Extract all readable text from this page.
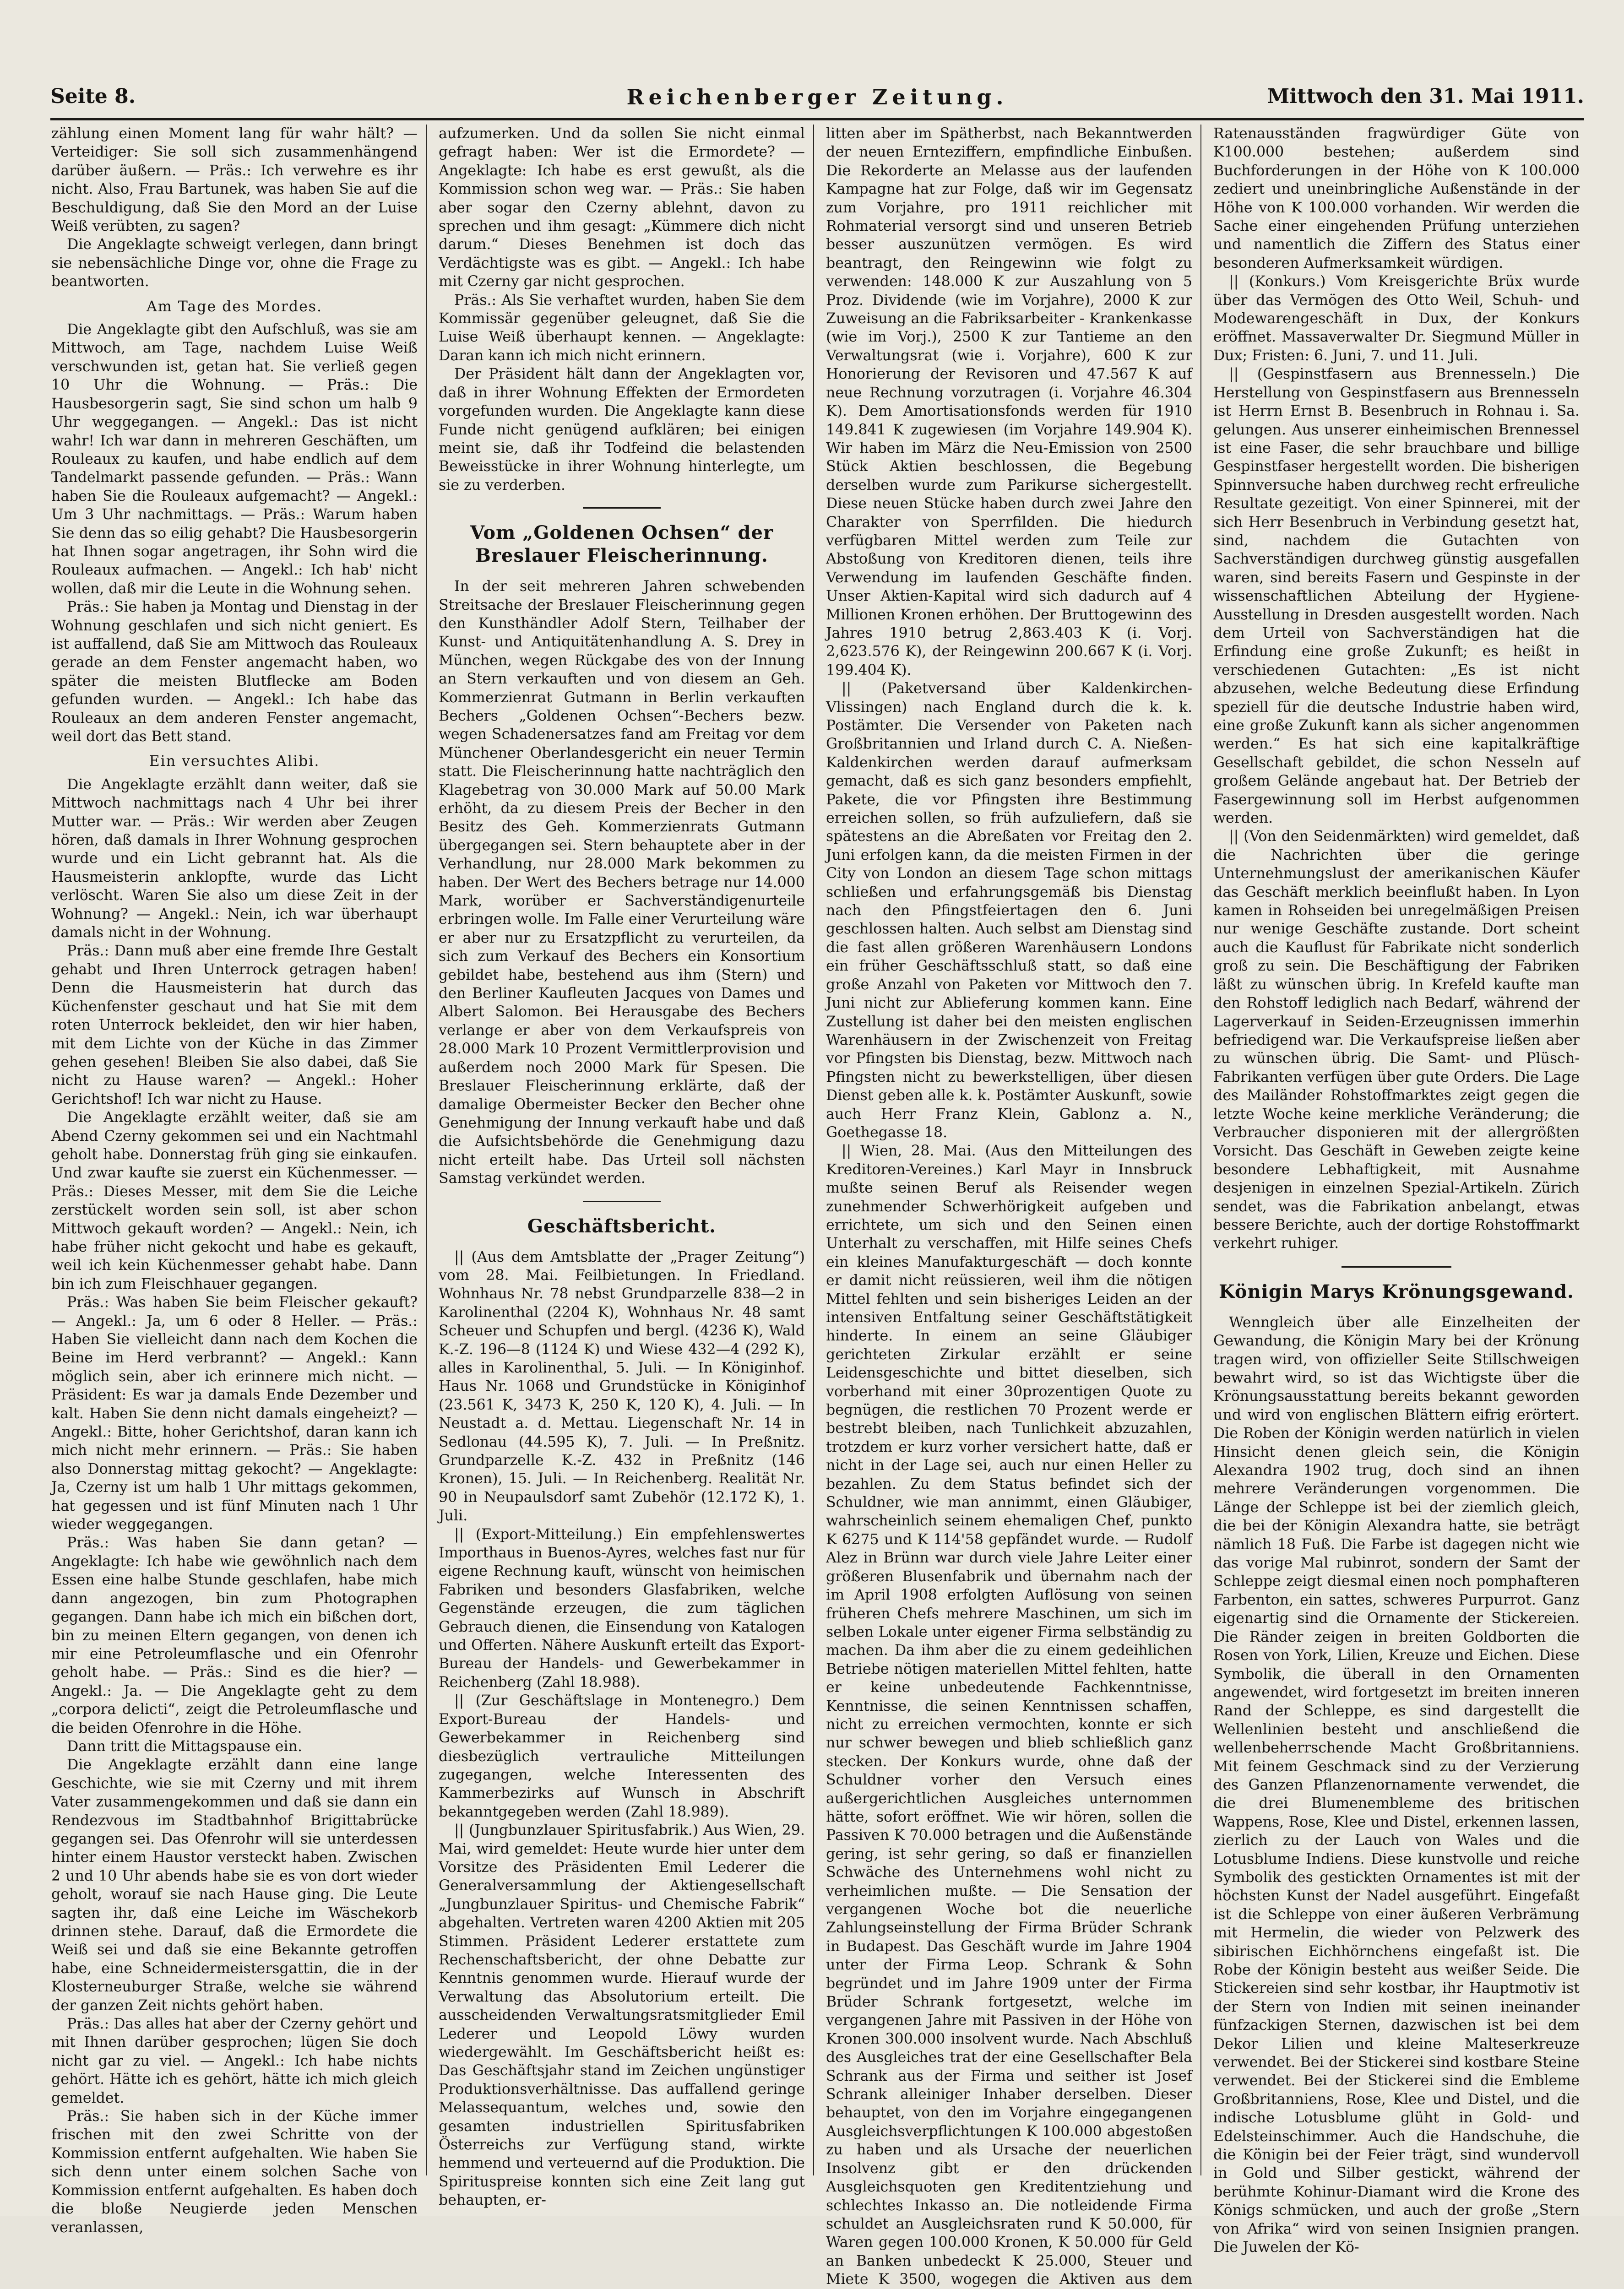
Seite 8.	Reichenberger Zeitung.	Mittwoch den 31. Mai 1911.

zählung einen Moment lang für wahr hält? — Verteidiger: Sie soll sich zusammenhängend darüber äußern. — Präs.: Ich verwehre es ihr nicht. Also, Frau Bartunek, was haben Sie auf die Beschuldigung, daß Sie den Mord an der Luise Weiß verübten, zu sagen?

Die Angeklagte schweigt verlegen, dann bringt sie nebensächliche Dinge vor, ohne die Frage zu beantworten.

Am Tage des Mordes.

Die Angeklagte gibt den Aufschluß, was sie am Mittwoch, am Tage, nachdem Luise Weiß verschwunden ist, getan hat. Sie verließ gegen 10 Uhr die Wohnung. — Präs.: Die Hausbesorgerin sagt, Sie sind schon um halb 9 Uhr weggegangen. — Angekl.: Das ist nicht wahr! Ich war dann in mehreren Geschäften, um Rouleaux zu kaufen, und habe endlich auf dem Tandelmarkt passende gefunden. — Präs.: Wann haben Sie die Rouleaux aufgemacht? — Angekl.: Um 3 Uhr nachmittags. — Präs.: Warum haben Sie denn das so eilig gehabt? Die Hausbesorgerin hat Ihnen sogar angetragen, ihr Sohn wird die Rouleaux aufmachen. — Angekl.: Ich hab' nicht wollen, daß mir die Leute in die Wohnung sehen.

Präs.: Sie haben ja Montag und Dienstag in der Wohnung geschlafen und sich nicht geniert. Es ist auffallend, daß Sie am Mittwoch das Rouleaux gerade an dem Fenster angemacht haben, wo später die meisten Blutflecke am Boden gefunden wurden. — Angekl.: Ich habe das Rouleaux an dem anderen Fenster angemacht, weil dort das Bett stand.

Ein versuchtes Alibi.

Die Angeklagte erzählt dann weiter, daß sie Mittwoch nachmittags nach 4 Uhr bei ihrer Mutter war. — Präs.: Wir werden aber Zeugen hören, daß damals in Ihrer Wohnung gesprochen wurde und ein Licht gebrannt hat. Als die Hausmeisterin anklopfte, wurde das Licht verlöscht. Waren Sie also um diese Zeit in der Wohnung? — Angekl.: Nein, ich war überhaupt damals nicht in der Wohnung.

Präs.: Dann muß aber eine fremde Ihre Gestalt gehabt und Ihren Unterrock getragen haben! Denn die Hausmeisterin hat durch das Küchenfenster geschaut und hat Sie mit dem roten Unterrock bekleidet, den wir hier haben, mit dem Lichte von der Küche in das Zimmer gehen gesehen! Bleiben Sie also dabei, daß Sie nicht zu Hause waren? — Angekl.: Hoher Gerichtshof! Ich war nicht zu Hause.

Die Angeklagte erzählt weiter, daß sie am Abend Czerny gekommen sei und ein Nachtmahl geholt habe. Donnerstag früh ging sie einkaufen. Und zwar kaufte sie zuerst ein Küchenmesser. — Präs.: Dieses Messer, mit dem Sie die Leiche zerstückelt worden sein soll, ist aber schon Mittwoch gekauft worden? — Angekl.: Nein, ich habe früher nicht gekocht und habe es gekauft, weil ich kein Küchenmesser gehabt habe. Dann bin ich zum Fleischhauer gegangen.

Präs.: Was haben Sie beim Fleischer gekauft? — Angekl.: Ja, um 6 oder 8 Heller. — Präs.: Haben Sie vielleicht dann nach dem Kochen die Beine im Herd verbrannt? — Angekl.: Kann möglich sein, aber ich erinnere mich nicht. — Präsident: Es war ja damals Ende Dezember und kalt. Haben Sie denn nicht damals eingeheizt? — Angekl.: Bitte, hoher Gerichtshof, daran kann ich mich nicht mehr erinnern. — Präs.: Sie haben also Donnerstag mittag gekocht? — Angeklagte: Ja, Czerny ist um halb 1 Uhr mittags gekommen, hat gegessen und ist fünf Minuten nach 1 Uhr wieder weggegangen.

Präs.: Was haben Sie dann getan? — Angeklagte: Ich habe wie gewöhnlich nach dem Essen eine halbe Stunde geschlafen, habe mich dann angezogen, bin zum Photographen gegangen. Dann habe ich mich ein bißchen dort, bin zu meinen Eltern gegangen, von denen ich mir eine Petroleumflasche und ein Ofenrohr geholt habe. — Präs.: Sind es die hier? — Angekl.: Ja. — Die Angeklagte geht zu dem „corpora delicti“, zeigt die Petroleumflasche und die beiden Ofenrohre in die Höhe.

Dann tritt die Mittagspause ein.

Die Angeklagte erzählt dann eine lange Geschichte, wie sie mit Czerny und mit ihrem Vater zusammengekommen und daß sie dann ein Rendezvous im Stadtbahnhof Brigittabrücke gegangen sei. Das Ofenrohr will sie unterdessen hinter einem Haustor versteckt haben. Zwischen 2 und 10 Uhr abends habe sie es von dort wieder geholt, worauf sie nach Hause ging. Die Leute sagten ihr, daß eine Leiche im Wäschekorb drinnen stehe. Darauf, daß die Ermordete die Weiß sei und daß sie eine Bekannte getroffen habe, eine Schneidermeistersgattin, die in der Klosterneuburger Straße, welche sie während der ganzen Zeit nichts gehört haben.

Präs.: Das alles hat aber der Czerny gehört und mit Ihnen darüber gesprochen; lügen Sie doch nicht gar zu viel. — Angekl.: Ich habe nichts gehört. Hätte ich es gehört, hätte ich mich gleich gemeldet.

Präs.: Sie haben sich in der Küche immer frischen mit den zwei Schritte von der Kommission entfernt aufgehalten. Wie haben Sie sich denn unter einem solchen Sache von Kommission entfernt aufgehalten. Es haben doch die bloße Neugierde jeden Menschen veranlassen,

aufzumerken. Und da sollen Sie nicht einmal gefragt haben: Wer ist die Ermordete? — Angeklagte: Ich habe es erst gewußt, als die Kommission schon weg war. — Präs.: Sie haben aber sogar den Czerny ablehnt, davon zu sprechen und ihm gesagt: „Kümmere dich nicht darum.“ Dieses Benehmen ist doch das Verdächtigste was es gibt. — Angekl.: Ich habe mit Czerny gar nicht gesprochen.

Präs.: Als Sie verhaftet wurden, haben Sie dem Kommissär gegenüber geleugnet, daß Sie die Luise Weiß überhaupt kennen. — Angeklagte: Daran kann ich mich nicht erinnern.

Der Präsident hält dann der Angeklagten vor, daß in ihrer Wohnung Effekten der Ermordeten vorgefunden wurden. Die Angeklagte kann diese Funde nicht genügend aufklären; bei einigen meint sie, daß ihr Todfeind die belastenden Beweisstücke in ihrer Wohnung hinterlegte, um sie zu verderben.

Vom „Goldenen Ochsen“ der Breslauer Fleischerinnung.

In der seit mehreren Jahren schwebenden Streitsache der Breslauer Fleischerinnung gegen den Kunsthändler Adolf Stern, Teilhaber der Kunst- und Antiquitätenhandlung A. S. Drey in München, wegen Rückgabe des von der Innung an Stern verkauften und von diesem an Geh. Kommerzienrat Gutmann in Berlin verkauften Bechers „Goldenen Ochsen“-Bechers bezw. wegen Schadenersatzes fand am Freitag vor dem Münchener Oberlandesgericht ein neuer Termin statt. Die Fleischerinnung hatte nachträglich den Klagebetrag von 30.000 Mark auf 50.00 Mark erhöht, da zu diesem Preis der Becher in den Besitz des Geh. Kommerzienrats Gutmann übergegangen sei. Stern behauptete aber in der Verhandlung, nur 28.000 Mark bekommen zu haben. Der Wert des Bechers betrage nur 14.000 Mark, worüber er Sachverständigenurteile erbringen wolle. Im Falle einer Verurteilung wäre er aber nur zu Ersatzpflicht zu verurteilen, da sich zum Verkauf des Bechers ein Konsortium gebildet habe, bestehend aus ihm (Stern) und den Berliner Kaufleuten Jacques von Dames und Albert Salomon. Bei Herausgabe des Bechers verlange er aber von dem Verkaufspreis von 28.000 Mark 10 Prozent Vermittlerprovision und außerdem noch 2000 Mark für Spesen. Die Breslauer Fleischerinnung erklärte, daß der damalige Obermeister Becker den Becher ohne Genehmigung der Innung verkauft habe und daß die Aufsichtsbehörde die Genehmigung dazu nicht erteilt habe. Das Urteil soll nächsten Samstag verkündet werden.

Geschäftsbericht.

|| (Aus dem Amtsblatte der „Prager Zeitung“) vom 28. Mai. Feilbietungen. In Friedland. Wohnhaus Nr. 78 nebst Grundparzelle 838—2 in Karolinenthal (2204 K), Wohnhaus Nr. 48 samt Scheuer und Schupfen und bergl. (4236 K), Wald K.-Z. 196—8 (1124 K) und Wiese 432—4 (292 K), alles in Karolinenthal, 5. Juli. — In Königinhof. Haus Nr. 1068 und Grundstücke in Königinhof (23.561 K, 3473 K, 250 K, 120 K), 4. Juli. — In Neustadt a. d. Mettau. Liegenschaft Nr. 14 in Sedlonau (44.595 K), 7. Juli. — In Preßnitz. Grundparzelle K.-Z. 432 in Preßnitz (146 Kronen), 15. Juli. — In Reichenberg. Realität Nr. 90 in Neupaulsdorf samt Zubehör (12.172 K), 1. Juli.

|| (Export-Mitteilung.) Ein empfehlenswertes Importhaus in Buenos-Ayres, welches fast nur für eigene Rechnung kauft, wünscht von heimischen Fabriken und besonders Glasfabriken, welche Gegenstände erzeugen, die zum täglichen Gebrauch dienen, die Einsendung von Katalogen und Offerten. Nähere Auskunft erteilt das Export-Bureau der Handels- und Gewerbekammer in Reichenberg (Zahl 18.988).

|| (Zur Geschäftslage in Montenegro.) Dem Export-Bureau der Handels- und Gewerbekammer in Reichenberg sind diesbezüglich vertrauliche Mitteilungen zugegangen, welche Interessenten des Kammerbezirks auf Wunsch in Abschrift bekanntgegeben werden (Zahl 18.989).

|| (Jungbunzlauer Spiritusfabrik.) Aus Wien, 29. Mai, wird gemeldet: Heute wurde hier unter dem Vorsitze des Präsidenten Emil Lederer die Generalversammlung der Aktiengesellschaft „Jungbunzlauer Spiritus- und Chemische Fabrik“ abgehalten. Vertreten waren 4200 Aktien mit 205 Stimmen. Präsident Lederer erstattete zum Rechenschaftsbericht, der ohne Debatte zur Kenntnis genommen wurde. Hierauf wurde der Verwaltung das Absolutorium erteilt. Die ausscheidenden Verwaltungsratsmitglieder Emil Lederer und Leopold Löwy wurden wiedergewählt. Im Geschäftsbericht heißt es: Das Geschäftsjahr stand im Zeichen ungünstiger Produktionsverhältnisse. Das auffallend geringe Melassequantum, welches und, sowie den gesamten industriellen Spiritusfabriken Österreichs zur Verfügung stand, wirkte hemmend und verteuernd auf die Produktion. Die Spirituspreise konnten sich eine Zeit lang gut behaupten, er-

litten aber im Spätherbst, nach Bekanntwerden der neuen Ernteziffern, empfindliche Einbußen. Die Rekorderte an Melasse aus der laufenden Kampagne hat zur Folge, daß wir im Gegensatz zum Vorjahre, pro 1911 reichlicher mit Rohmaterial versorgt sind und unseren Betrieb besser auszunützen vermögen. Es wird beantragt, den Reingewinn wie folgt zu verwenden: 148.000 K zur Auszahlung von 5 Proz. Dividende (wie im Vorjahre), 2000 K zur Zuweisung an die Fabriksarbeiter - Krankenkasse (wie im Vorj.), 2500 K zur Tantieme an den Verwaltungsrat (wie i. Vorjahre), 600 K zur Honorierung der Revisoren und 47.567 K auf neue Rechnung vorzutragen (i. Vorjahre 46.304 K). Dem Amortisationsfonds werden für 1910 149.841 K zugewiesen (im Vorjahre 149.904 K). Wir haben im März die Neu-Emission von 2500 Stück Aktien beschlossen, die Begebung derselben wurde zum Parikurse sichergestellt. Diese neuen Stücke haben durch zwei Jahre den Charakter von Sperrfilden. Die hiedurch verfügbaren Mittel werden zum Teile zur Abstoßung von Kreditoren dienen, teils ihre Verwendung im laufenden Geschäfte finden. Unser Aktien-Kapital wird sich dadurch auf 4 Millionen Kronen erhöhen. Der Bruttogewinn des Jahres 1910 betrug 2,863.403 K (i. Vorj. 2,623.576 K), der Reingewinn 200.667 K (i. Vorj. 199.404 K).

|| (Paketversand über Kaldenkirchen-Vlissingen) nach England durch die k. k. Postämter. Die Versender von Paketen nach Großbritannien und Irland durch C. A. Nießen-Kaldenkirchen werden darauf aufmerksam gemacht, daß es sich ganz besonders empfiehlt, Pakete, die vor Pfingsten ihre Bestimmung erreichen sollen, so früh aufzuliefern, daß sie spätestens an die Abreßaten vor Freitag den 2. Juni erfolgen kann, da die meisten Firmen in der City von London an diesem Tage schon mittags schließen und erfahrungsgemäß bis Dienstag nach den Pfingstfeiertagen den 6. Juni geschlossen halten. Auch selbst am Dienstag sind die fast allen größeren Warenhäusern Londons ein früher Geschäftsschluß statt, so daß eine große Anzahl von Paketen vor Mittwoch den 7. Juni nicht zur Ablieferung kommen kann. Eine Zustellung ist daher bei den meisten englischen Warenhäusern in der Zwischenzeit von Freitag vor Pfingsten bis Dienstag, bezw. Mittwoch nach Pfingsten nicht zu bewerkstelligen, über diesen Dienst geben alle k. k. Postämter Auskunft, sowie auch Herr Franz Klein, Gablonz a. N., Goethegasse 18.

|| Wien, 28. Mai. (Aus den Mitteilungen des Kreditoren-Vereines.) Karl Mayr in Innsbruck mußte seinen Beruf als Reisender wegen zunehmender Schwerhörigkeit aufgeben und errichtete, um sich und den Seinen einen Unterhalt zu verschaffen, mit Hilfe seines Chefs ein kleines Manufakturgeschäft — doch konnte er damit nicht reüssieren, weil ihm die nötigen Mittel fehlten und sein bisheriges Leiden an der intensiven Entfaltung seiner Geschäftstätigkeit hinderte. In einem an seine Gläubiger gerichteten Zirkular erzählt er seine Leidensgeschichte und bittet dieselben, sich vorberhand mit einer 30prozentigen Quote zu begnügen, die restlichen 70 Prozent werde er bestrebt bleiben, nach Tunlichkeit abzuzahlen, trotzdem er kurz vorher versichert hatte, daß er nicht in der Lage sei, auch nur einen Heller zu bezahlen. Zu dem Status befindet sich der Schuldner, wie man annimmt, einen Gläubiger, wahrscheinlich seinem ehemaligen Chef, punkto K 6275 und K 114'58 gepfändet wurde. — Rudolf Alez in Brünn war durch viele Jahre Leiter einer größeren Blusenfabrik und übernahm nach der im April 1908 erfolgten Auflösung von seinen früheren Chefs mehrere Maschinen, um sich im selben Lokale unter eigener Firma selbständig zu machen. Da ihm aber die zu einem gedeihlichen Betriebe nötigen materiellen Mittel fehlten, hatte er keine unbedeutende Fachkenntnisse, Kenntnisse, die seinen Kenntnissen schaffen, nicht zu erreichen vermochten, konnte er sich nur schwer bewegen und blieb schließlich ganz stecken. Der Konkurs wurde, ohne daß der Schuldner vorher den Versuch eines außergerichtlichen Ausgleiches unternommen hätte, sofort eröffnet. Wie wir hören, sollen die Passiven K 70.000 betragen und die Außenstände gering, ist sehr gering, so daß er finanziellen Schwäche des Unternehmens wohl nicht zu verheimlichen mußte. — Die Sensation der vergangenen Woche bot die neuerliche Zahlungseinstellung der Firma Brüder Schrank in Budapest. Das Geschäft wurde im Jahre 1904 unter der Firma Leop. Schrank & Sohn begründet und im Jahre 1909 unter der Firma Brüder Schrank fortgesetzt, welche im vergangenen Jahre mit Passiven in der Höhe von Kronen 300.000 insolvent wurde. Nach Abschluß des Ausgleiches trat der eine Gesellschafter Bela Schrank aus der Firma und seither ist Josef Schrank alleiniger Inhaber derselben. Dieser behauptet, von den im Vorjahre eingegangenen Ausgleichsverpflichtungen K 100.000 abgestoßen zu haben und als Ursache der neuerlichen Insolvenz gibt er den drückenden Ausgleichsquoten gen Kreditentziehung und schlechtes Inkasso an. Die notleidende Firma schuldet an Ausgleichsraten rund K 50.000, für Waren gegen 100.000 Kronen, K 50.000 für Geld an Banken unbedeckt K 25.000, Steuer und Miete K 3500, wogegen die Aktiven aus dem

Ratenausständen fragwürdiger Güte von K100.000 bestehen; außerdem sind Buchforderungen in der Höhe von K 100.000 zediert und uneinbringliche Außenstände in der Höhe von K 100.000 vorhanden. Wir werden die Sache einer eingehenden Prüfung unterziehen und namentlich die Ziffern des Status einer besonderen Aufmerksamkeit würdigen.

|| (Konkurs.) Vom Kreisgerichte Brüx wurde über das Vermögen des Otto Weil, Schuh- und Modewarengeschäft in Dux, der Konkurs eröffnet. Massaverwalter Dr. Siegmund Müller in Dux; Fristen: 6. Juni, 7. und 11. Juli.

|| (Gespinstfasern aus Brennesseln.) Die Herstellung von Gespinstfasern aus Brennesseln ist Herrn Ernst B. Besenbruch in Rohnau i. Sa. gelungen. Aus unserer einheimischen Brennessel ist eine Faser, die sehr brauchbare und billige Gespinstfaser hergestellt worden. Die bisherigen Spinnversuche haben durchweg recht erfreuliche Resultate gezeitigt. Von einer Spinnerei, mit der sich Herr Besenbruch in Verbindung gesetzt hat, sind, nachdem die Gutachten von Sachverständigen durchweg günstig ausgefallen waren, sind bereits Fasern und Gespinste in der wissenschaftlichen Abteilung der Hygiene-Ausstellung in Dresden ausgestellt worden. Nach dem Urteil von Sachverständigen hat die Erfindung eine große Zukunft; es heißt in verschiedenen Gutachten: „Es ist nicht abzusehen, welche Bedeutung diese Erfindung speziell für die deutsche Industrie haben wird, eine große Zukunft kann als sicher angenommen werden.“ Es hat sich eine kapitalkräftige Gesellschaft gebildet, die schon Nesseln auf großem Gelände angebaut hat. Der Betrieb der Fasergewinnung soll im Herbst aufgenommen werden.

|| (Von den Seidenmärkten) wird gemeldet, daß die Nachrichten über die geringe Unternehmungslust der amerikanischen Käufer das Geschäft merklich beeinflußt haben. In Lyon kamen in Rohseiden bei unregelmäßigen Preisen nur wenige Geschäfte zustande. Dort scheint auch die Kauflust für Fabrikate nicht sonderlich groß zu sein. Die Beschäftigung der Fabriken läßt zu wünschen übrig. In Krefeld kaufte man den Rohstoff lediglich nach Bedarf, während der Lagerverkauf in Seiden-Erzeugnissen immerhin befriedigend war. Die Verkaufspreise ließen aber zu wünschen übrig. Die Samt- und Plüsch-Fabrikanten verfügen über gute Orders. Die Lage des Mailänder Rohstoffmarktes zeigt gegen die letzte Woche keine merkliche Veränderung; die Verbraucher disponieren mit der allergrößten Vorsicht. Das Geschäft in Geweben zeigte keine besondere Lebhaftigkeit, mit Ausnahme desjenigen in einzelnen Spezial-Artikeln. Zürich sendet, was die Fabrikation anbelangt, etwas bessere Berichte, auch der dortige Rohstoffmarkt verkehrt ruhiger.

Königin Marys Krönungsgewand.

Wenngleich über alle Einzelheiten der Gewandung, die Königin Mary bei der Krönung tragen wird, von offizieller Seite Stillschweigen bewahrt wird, so ist das Wichtigste über die Krönungsausstattung bereits bekannt geworden und wird von englischen Blättern eifrig erörtert. Die Roben der Königin werden natürlich in vielen Hinsicht denen gleich sein, die Königin Alexandra 1902 trug, doch sind an ihnen mehrere Veränderungen vorgenommen. Die Länge der Schleppe ist bei der ziemlich gleich, die bei der Königin Alexandra hatte, sie beträgt nämlich 18 Fuß. Die Farbe ist dagegen nicht wie das vorige Mal rubinrot, sondern der Samt der Schleppe zeigt diesmal einen noch pomphafteren Farbenton, ein sattes, schweres Purpurrot. Ganz eigenartig sind die Ornamente der Stickereien. Die Ränder zeigen in breiten Goldborten die Rosen von York, Lilien, Kreuze und Eichen. Diese Symbolik, die überall in den Ornamenten angewendet, wird fortgesetzt im breiten inneren Rand der Schleppe, es sind dargestellt die Wellenlinien besteht und anschließend die wellenbeherrschende Macht Großbritanniens. Mit feinem Geschmack sind zu der Verzierung des Ganzen Pflanzenornamente verwendet, die die drei Blumenembleme des britischen Wappens, Rose, Klee und Distel, erkennen lassen, zierlich zu der Lauch von Wales und die Lotusblume Indiens. Diese kunstvolle und reiche Symbolik des gestickten Ornamentes ist mit der höchsten Kunst der Nadel ausgeführt. Eingefaßt ist die Schleppe von einer äußeren Verbrämung mit Hermelin, die wieder von Pelzwerk des sibirischen Eichhörnchens eingefaßt ist. Die Robe der Königin besteht aus weißer Seide. Die Stickereien sind sehr kostbar, ihr Hauptmotiv ist der Stern von Indien mit seinen ineinander fünfzackigen Sternen, dazwischen ist bei dem Dekor Lilien und kleine Malteserkreuze verwendet. Bei der Stickerei sind kostbare Steine verwendet. Bei der Stickerei sind die Embleme Großbritanniens, Rose, Klee und Distel, und die indische Lotusblume glüht in Gold- und Edelsteinschimmer. Auch die Handschuhe, die die Königin bei der Feier trägt, sind wundervoll in Gold und Silber gestickt, während der berühmte Kohinur-Diamant wird die Krone des Königs schmücken, und auch der große „Stern von Afrika“ wird von seinen Insignien prangen. Die Juwelen der Kö-
